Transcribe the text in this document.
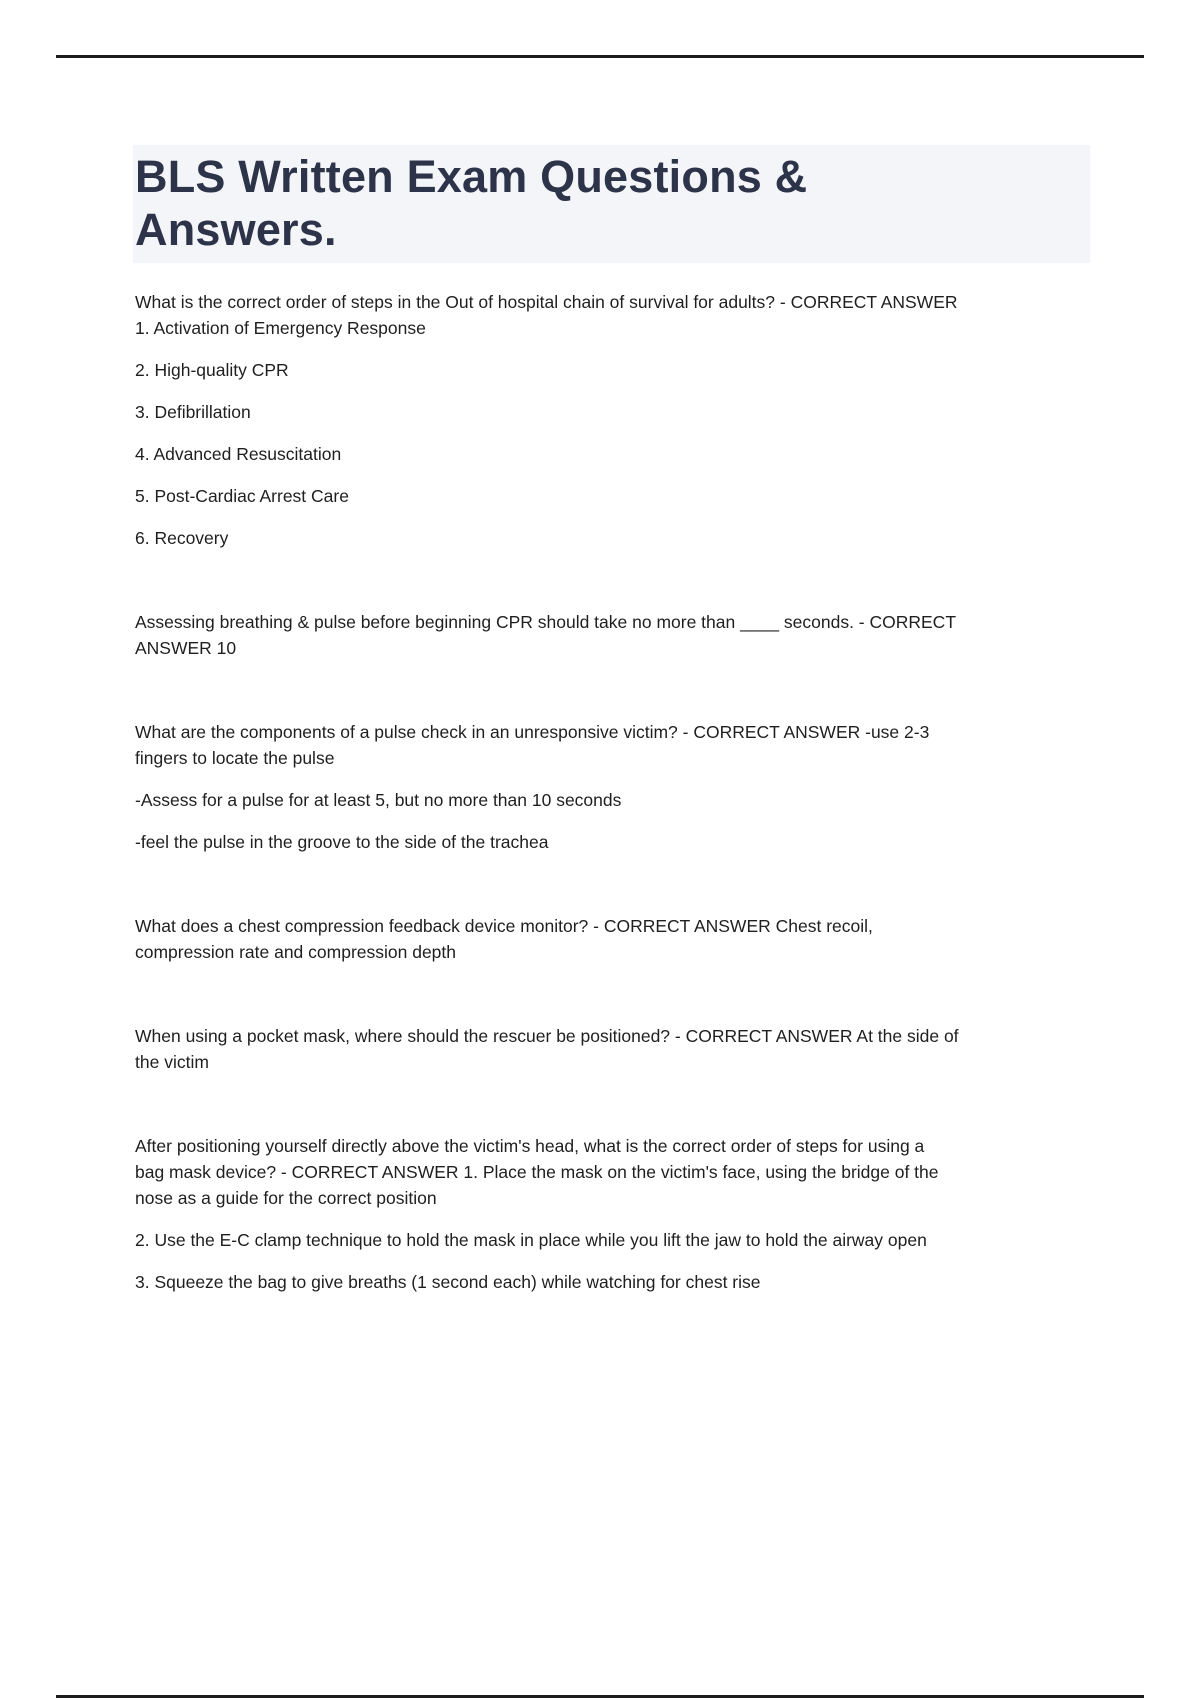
BLS Written Exam Questions &
Answers.

What is the correct order of steps in the Out of hospital chain of survival for adults? - CORRECT ANSWER
1. Activation of Emergency Response

2. High-quality CPR

3. Defibrillation

4. Advanced Resuscitation

5. Post-Cardiac Arrest Care

6. Recovery

Assessing breathing & pulse before beginning CPR should take no more than ____ seconds. - CORRECT
ANSWER 10

What are the components of a pulse check in an unresponsive victim? - CORRECT ANSWER -use 2-3
fingers to locate the pulse

-Assess for a pulse for at least 5, but no more than 10 seconds

-feel the pulse in the groove to the side of the trachea

What does a chest compression feedback device monitor? - CORRECT ANSWER Chest recoil,
compression rate and compression depth

When using a pocket mask, where should the rescuer be positioned? - CORRECT ANSWER At the side of
the victim

After positioning yourself directly above the victim's head, what is the correct order of steps for using a
bag mask device? - CORRECT ANSWER 1. Place the mask on the victim's face, using the bridge of the
nose as a guide for the correct position

2. Use the E-C clamp technique to hold the mask in place while you lift the jaw to hold the airway open

3. Squeeze the bag to give breaths (1 second each) while watching for chest rise
